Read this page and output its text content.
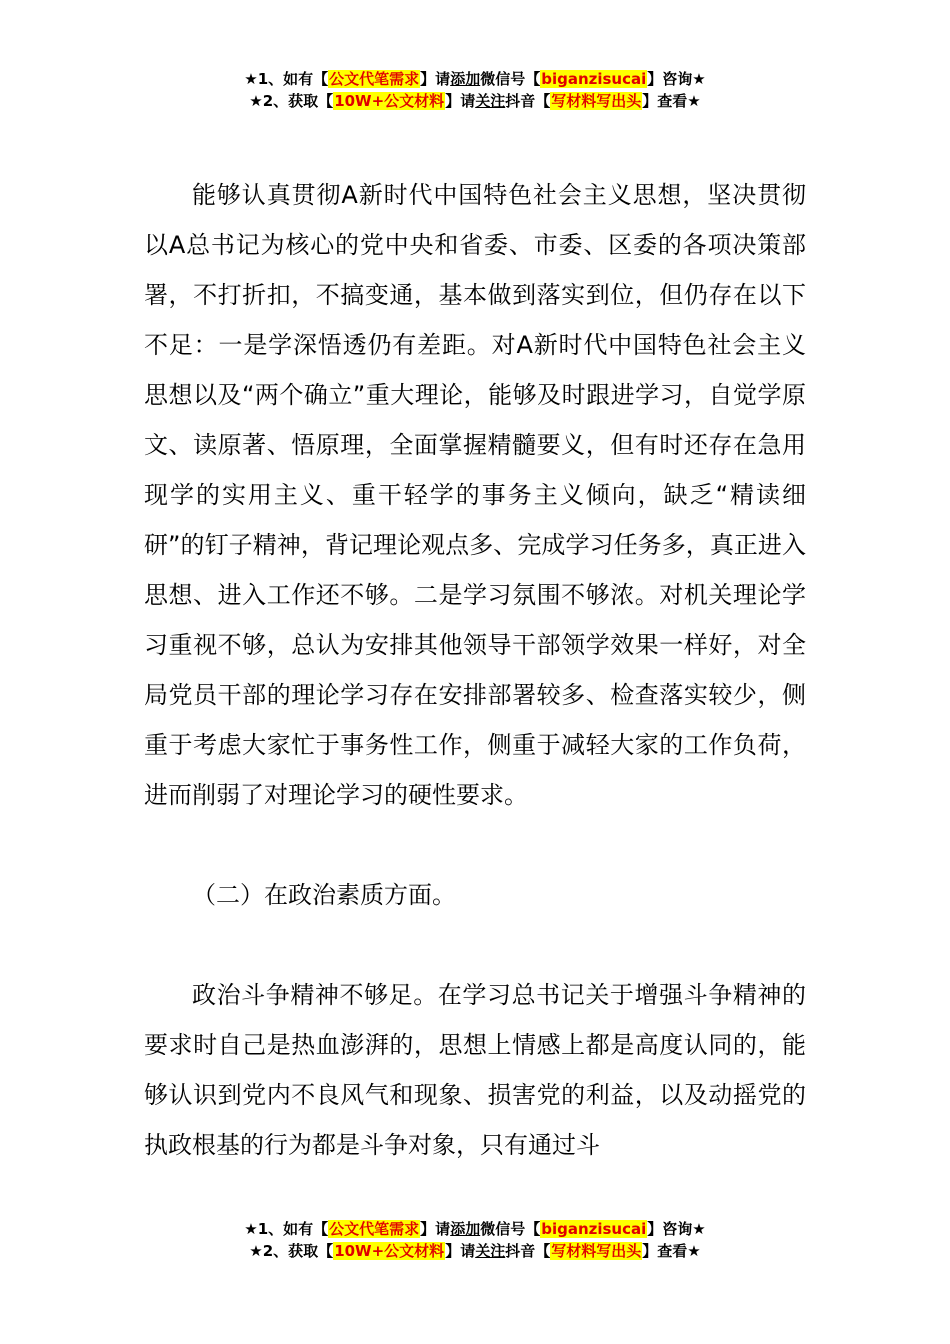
★1、如有【公文代笔需求】请添加微信号【biganzisucai】咨询★
★2、获取【10W+公文材料】请关注抖音【写材料写出头】查看★

能够认真贯彻A新时代中国特色社会主义思想，坚决贯彻以A总书记为核心的党中央和省委、市委、区委的各项决策部署，不打折扣，不搞变通，基本做到落实到位，但仍存在以下不足：一是学深悟透仍有差距。对A新时代中国特色社会主义思想以及“两个确立”重大理论，能够及时跟进学习，自觉学原文、读原著、悟原理，全面掌握精髓要义，但有时还存在急用现学的实用主义、重干轻学的事务主义倾向，缺乏“精读细研”的钉子精神，背记理论观点多、完成学习任务多，真正进入思想、进入工作还不够。二是学习氛围不够浓。对机关理论学习重视不够，总认为安排其他领导干部领学效果一样好，对全局党员干部的理论学习存在安排部署较多、检查落实较少，侧重于考虑大家忙于事务性工作，侧重于减轻大家的工作负荷，进而削弱了对理论学习的硬性要求。

（二）在政治素质方面。

政治斗争精神不够足。在学习总书记关于增强斗争精神的要求时自己是热血澎湃的，思想上情感上都是高度认同的，能够认识到党内不良风气和现象、损害党的利益，以及动摇党的执政根基的行为都是斗争对象，只有通过斗

★1、如有【公文代笔需求】请添加微信号【biganzisucai】咨询★
★2、获取【10W+公文材料】请关注抖音【写材料写出头】查看★
